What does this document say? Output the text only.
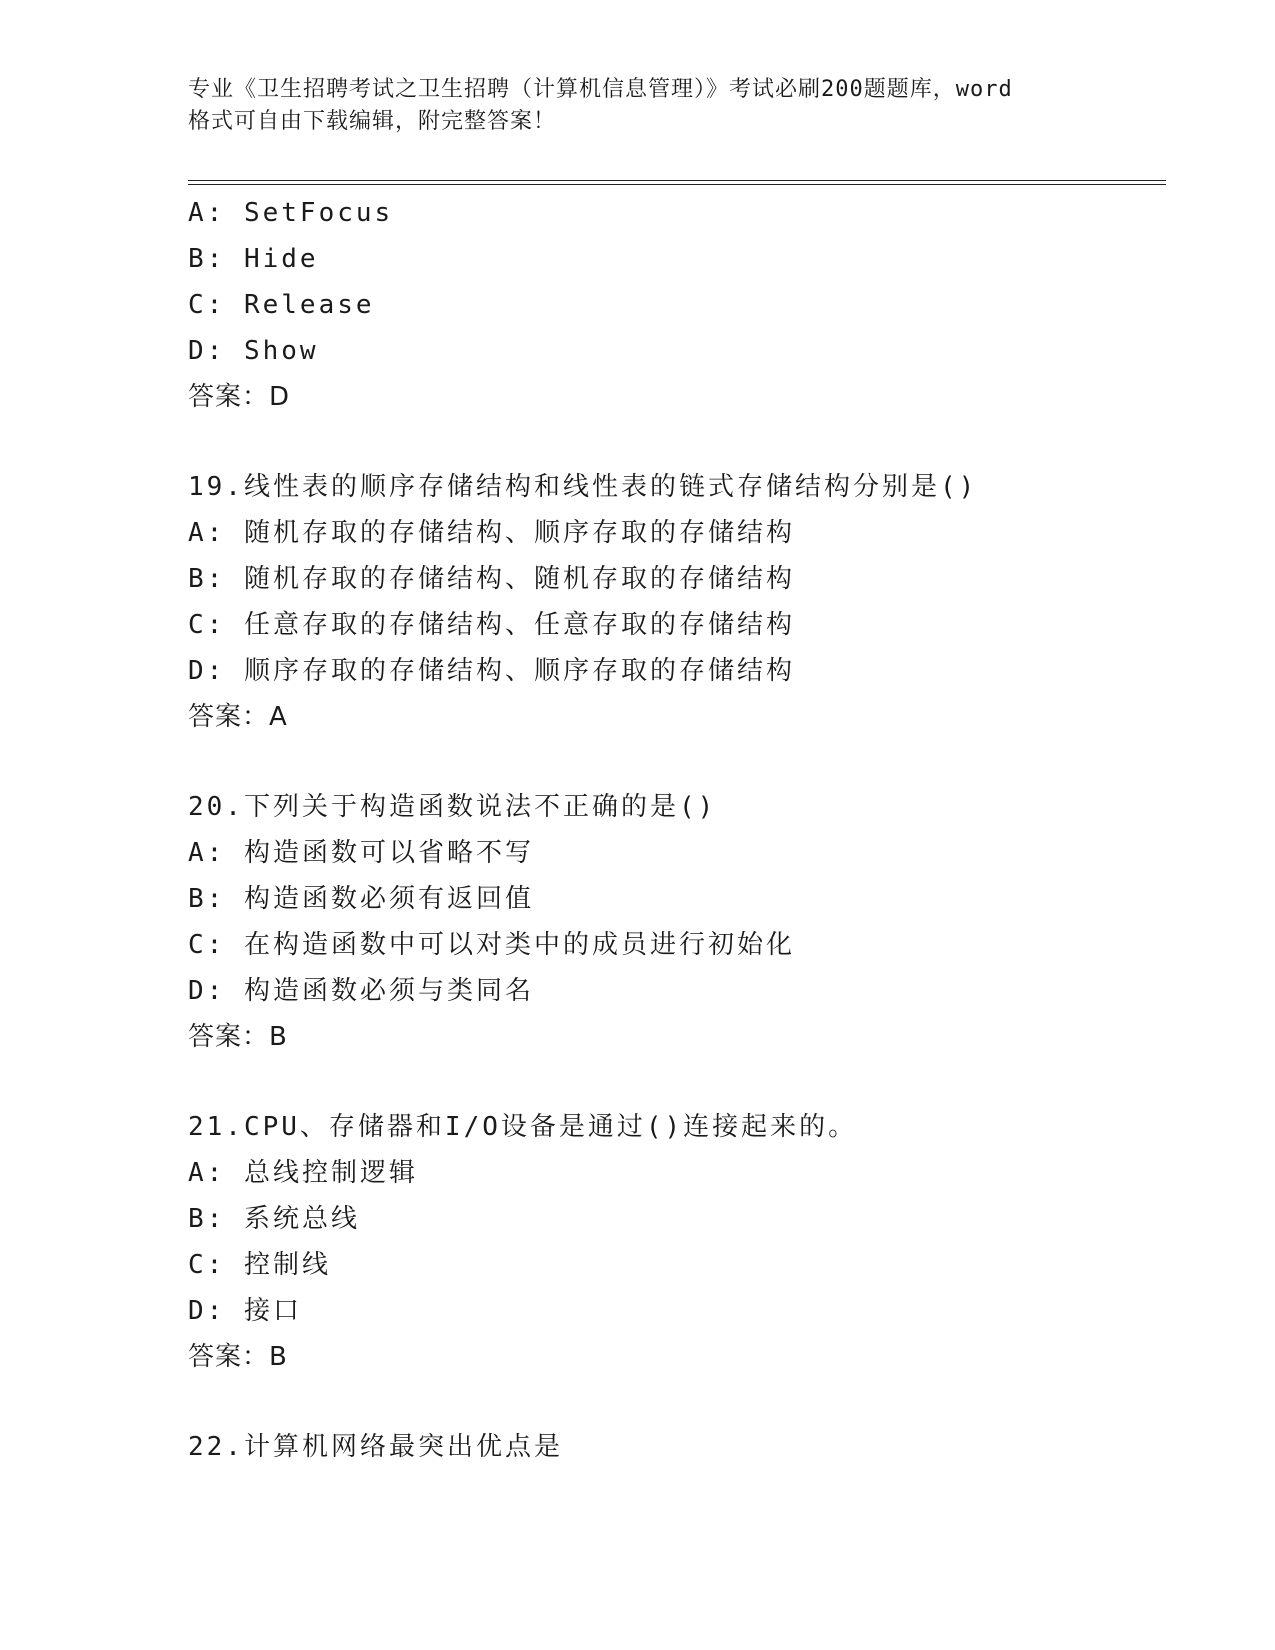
专业《卫生招聘考试之卫生招聘（计算机信息管理）》考试必刷200题题库，word
格式可自由下载编辑，附完整答案！
A: SetFocus
B: Hide
C: Release
D: Show
答案：D
19.线性表的顺序存储结构和线性表的链式存储结构分别是()
A: 随机存取的存储结构、顺序存取的存储结构
B: 随机存取的存储结构、随机存取的存储结构
C: 任意存取的存储结构、任意存取的存储结构
D: 顺序存取的存储结构、顺序存取的存储结构
答案：A
20.下列关于构造函数说法不正确的是()
A: 构造函数可以省略不写
B: 构造函数必须有返回值
C: 在构造函数中可以对类中的成员进行初始化
D: 构造函数必须与类同名
答案：B
21.CPU、存储器和I/O设备是通过()连接起来的。
A: 总线控制逻辑
B: 系统总线
C: 控制线
D: 接口
答案：B
22.计算机网络最突出优点是
